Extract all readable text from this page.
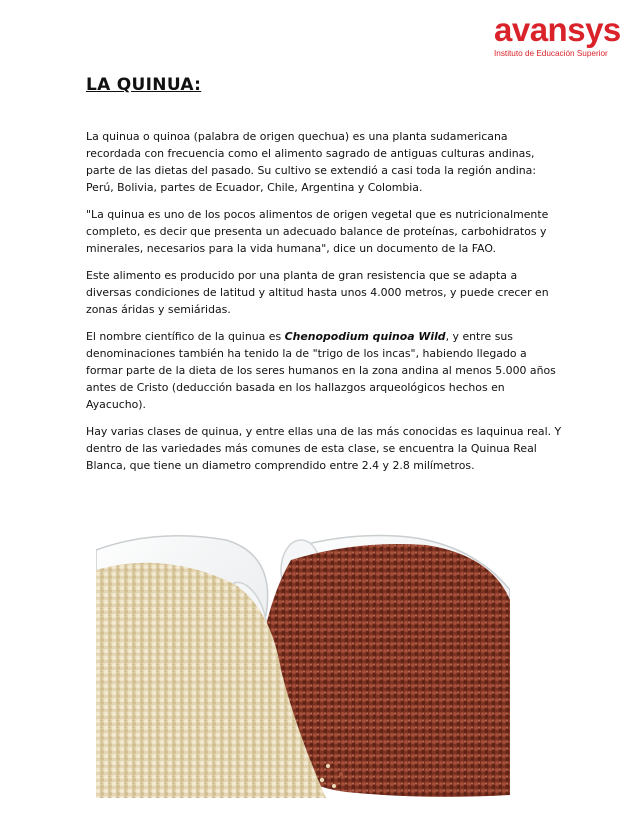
avansys
Instituto de Educación Superior
LA QUINUA:

La quinua o quinoa (palabra de origen quechua) es una planta sudamericana recordada con frecuencia como el alimento sagrado de antiguas culturas andinas, parte de las dietas del pasado. Su cultivo se extendió a casi toda la región andina: Perú, Bolivia, partes de Ecuador, Chile, Argentina y Colombia.

"La quinua es uno de los pocos alimentos de origen vegetal que es nutricionalmente completo, es decir que presenta un adecuado balance de proteínas, carbohidratos y minerales, necesarios para la vida humana", dice un documento de la FAO.

Este alimento es producido por una planta de gran resistencia que se adapta a diversas condiciones de latitud y altitud hasta unos 4.000 metros, y puede crecer en zonas áridas y semiáridas.

El nombre científico de la quinua es Chenopodium quinoa Wild, y entre sus denominaciones también ha tenido la de "trigo de los incas", habiendo llegado a formar parte de la dieta de los seres humanos en la zona andina al menos 5.000 años antes de Cristo (deducción basada en los hallazgos arqueológicos hechos en Ayacucho).

Hay varias clases de quinua, y entre ellas una de las más conocidas es laquinua real. Y dentro de las variedades más comunes de esta clase, se encuentra la Quinua Real Blanca, que tiene un diametro comprendido entre 2.4 y 2.8 milímetros.
